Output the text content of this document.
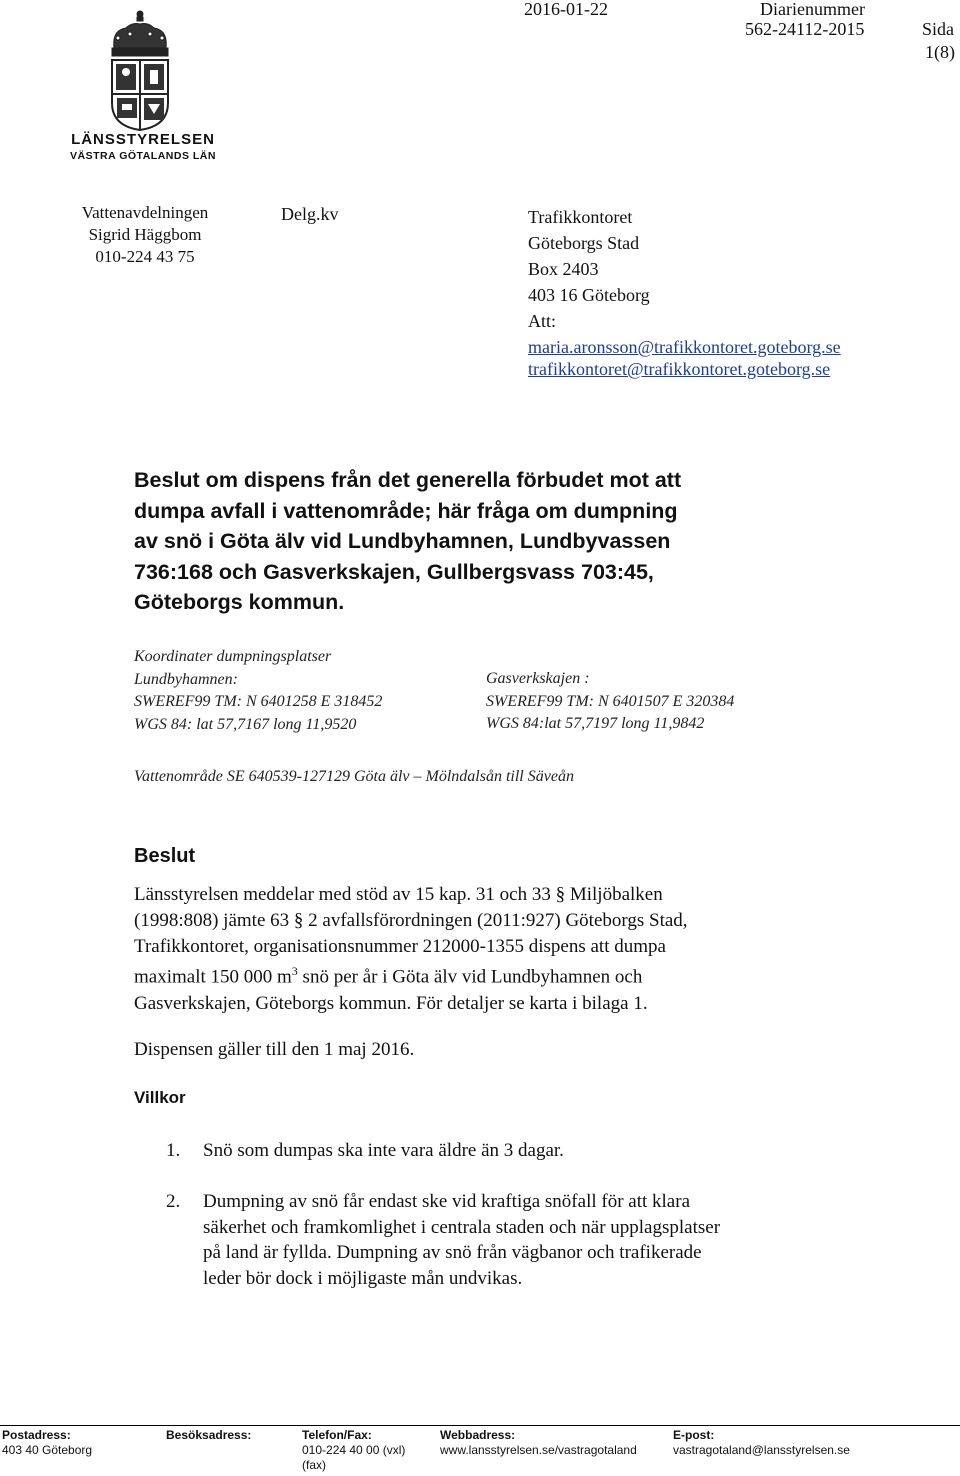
LÄNSSTYRELSEN
VÄSTRA GÖTALANDS LÄN
2016-01-22	Diarienummer
562-24112-2015	Sida
1(8)
Vattenavdelningen
Sigrid Häggbom
010-224 43 75
Delg.kv	Trafikkontoret
Göteborgs Stad
Box 2403
403 16 Göteborg
Att:
maria.aronsson@trafikkontoret.goteborg.se
trafikkontoret@trafikkontoret.goteborg.se
Beslut om dispens från det generella förbudet mot att
dumpa avfall i vattenområde; här fråga om dumpning
av snö i Göta älv vid Lundbyhamnen, Lundbyvassen
736:168 och Gasverkskajen, Gullbergsvass 703:45,
Göteborgs kommun.
Koordinater dumpningsplatser
Lundbyhamnen:
SWEREF99 TM: N 6401258 E 318452
WGS 84: lat 57,7167 long 11,9520
Gasverkskajen :
SWEREF99 TM: N 6401507 E 320384
WGS 84:lat 57,7197 long 11,9842
Vattenområde SE 640539-127129 Göta älv – Mölndalsån till Säveån
Beslut
Länsstyrelsen meddelar med stöd av 15 kap. 31 och 33 § Miljöbalken
(1998:808) jämte 63 § 2 avfallsförordningen (2011:927) Göteborgs Stad,
Trafikkontoret, organisationsnummer 212000-1355 dispens att dumpa
maximalt 150 000 $m^3$ snö per år i Göta älv vid Lundbyhamnen och
Gasverkskajen, Göteborgs kommun. För detaljer se karta i bilaga 1.
Dispensen gäller till den 1 maj 2016.
Villkor
1. Snö som dumpas ska inte vara äldre än 3 dagar.
2. Dumpning av snö får endast ske vid kraftiga snöfall för att klara
säkerhet och framkomlighet i centrala staden och när upplagsplatser
på land är fyllda. Dumpning av snö från vägbanor och trafikerade
leder bör dock i möjligaste mån undvikas.
Postadress:
403 40 Göteborg
Besöksadress:	Telefon/Fax:
010-224 40 00 (vxl)
(fax)
Webbadress:
www.lansstyrelsen.se/vastragotaland
E-post:
vastragotaland@lansstyrelsen.se
